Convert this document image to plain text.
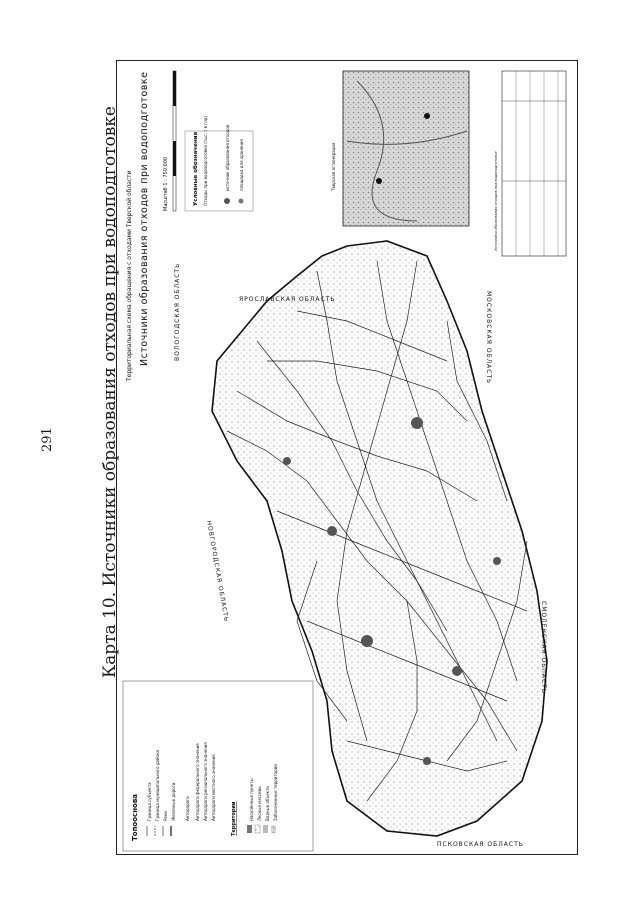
291	Карта 10. Источники образования отходов при водоподготовке	ВОЛОГОДСКАЯ ОБЛАСТЬ	ЯРОСЛАВСКАЯ ОБЛАСТЬ	МОСКОВСКАЯ ОБЛАСТЬ
НОВГОРОДСКАЯ ОБЛАСТЬ
СМОЛЕНСКАЯ ОБЛАСТЬ
ПСКОВСКАЯ ОБЛАСТЬ
Территориальная схема обращения с отходами Тверской области Источники образования отходов при водоподготовке	Масштаб 1 : 750 000	Условные обозначения Отходы при водоподготовке (тыс. т в год)	источник образования отходов площадка для хранения	Тверская агломерация	Источники образования отходов при водоподготовке
Топооснова Граница субъекта Граница муниципального района Реки Железные дороги Автодороги Автодороги федерального значения Автодороги регионального значения Автодороги местного значения	Территории	Населённые пункты Лесные массивы Водные объекты Заболоченные территории
